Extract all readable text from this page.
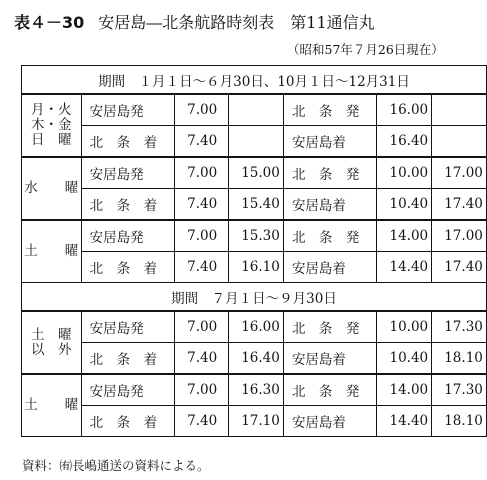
表４－30 安居島―北条航路時刻表　第11通信丸
（昭和57年７月26日現在）
期間　１月１日～６月30日、10月１日～12月31日						

月・火
木・金
日　曜	安居島発	7.00		北　条　発	16.00	
	北　条　着	7.40		安居島着	16.40	

水　　曜	安居島発	7.00	15.00	北　条　発	10.00	17.00
	北　条　着	7.40	15.40	安居島着	10.40	17.40

土　　曜	安居島発	7.00	15.30	北　条　発	14.00	17.00
	北　条　着	7.40	16.10	安居島着	14.40	17.40
期間　７月１日～９月30日						

土　曜
以　外	安居島発	7.00	16.00	北　条　発	10.00	17.30
	北　条　着	7.40	16.40	安居島着	10.40	18.10

土　　曜	安居島発	7.00	16.30	北　条　発	14.00	17.30
	北　条　着	7.40	17.10	安居島着	14.40	18.10
資料：㈲長嶋通送の資料による。
